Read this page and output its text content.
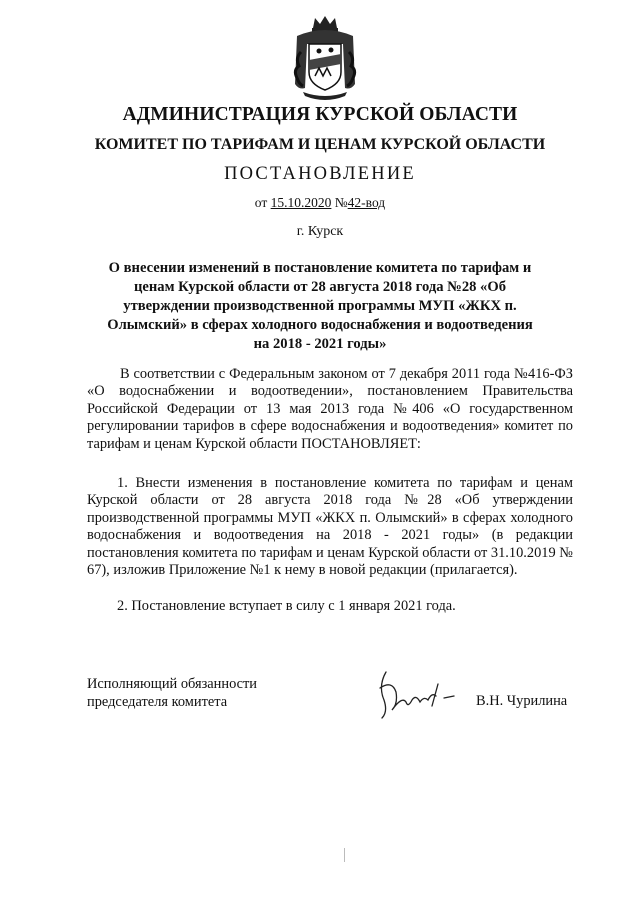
АДМИНИСТРАЦИЯ КУРСКОЙ ОБЛАСТИ
КОМИТЕТ ПО ТАРИФАМ И ЦЕНАМ КУРСКОЙ ОБЛАСТИ
ПОСТАНОВЛЕНИЕ
от 15.10.2020 №42-вод
г. Курск
О внесении изменений в постановление комитета по тарифам и ценам Курской области от 28 августа 2018 года №28 «Об утверждении производственной программы МУП «ЖКХ п. Олымский» в сферах холодного водоснабжения и водоотведения на 2018 - 2021 годы»
В соответствии с Федеральным законом от 7 декабря 2011 года №416-ФЗ «О водоснабжении и водоотведении», постановлением Правительства Российской Федерации от 13 мая 2013 года №406 «О государственном регулировании тарифов в сфере водоснабжения и водоотведения» комитет по тарифам и ценам Курской области ПОСТАНОВЛЯЕТ:
1. Внести изменения в постановление комитета по тарифам и ценам Курской области от 28 августа 2018 года №28 «Об утверждении производственной программы МУП «ЖКХ п. Олымский» в сферах холодного водоснабжения и водоотведения на 2018 - 2021 годы» (в редакции постановления комитета по тарифам и ценам Курской области от 31.10.2019 № 67), изложив Приложение №1 к нему в новой редакции (прилагается).
2. Постановление вступает в силу с 1 января 2021 года.
Исполняющий обязанности
председателя комитета	В.Н. Чурилина
